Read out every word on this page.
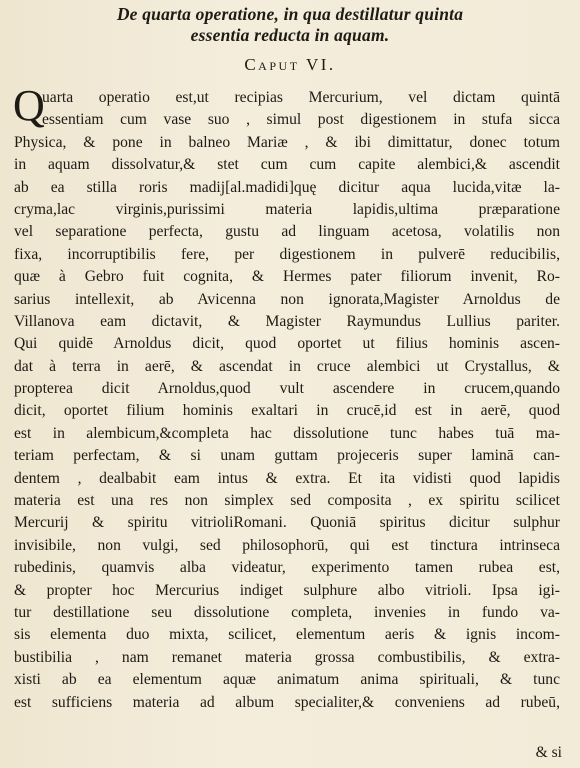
De quarta operatione, in qua destillatur quinta
essentia reducta in aquam.
Caput VI.
Q
uarta operatio est,ut recipias Mercurium, vel dictam quintā
essentiam cum vase suo , simul post digestionem in stufa sicca
Physica, & pone in balneo Mariæ , & ibi dimittatur, donec totum
in aquam dissolvatur,& stet cum cum capite alembici,& ascendit
ab ea stilla roris madij[al.madidi]quę dicitur aqua lucida,vitæ la-
cryma,lac virginis,purissimi materia lapidis,ultima præparatione
vel separatione perfecta, gustu ad linguam acetosa, volatilis non
fixa, incorruptibilis fere, per digestionem in pulverē reducibilis,
quæ à Gebro fuit cognita, & Hermes pater filiorum invenit, Ro-
sarius intellexit, ab Avicenna non ignorata,Magister Arnoldus de
Villanova eam dictavit, & Magister Raymundus Lullius pariter.
Qui quidē Arnoldus dicit, quod oportet ut filius hominis ascen-
dat à terra in aerē, & ascendat in cruce alembici ut Crystallus, &
propterea dicit Arnoldus,quod vult ascendere in crucem,quando
dicit, oportet filium hominis exaltari in crucē,id est in aerē, quod
est in alembicum,&completa hac dissolutione tunc habes tuā ma-
teriam perfectam, & si unam guttam projeceris super laminā can-
dentem , dealbabit eam intus & extra. Et ita vidisti quod lapidis
materia est una res non simplex sed composita , ex spiritu scilicet
Mercurij & spiritu vitrioliRomani. Quoniā spiritus dicitur sulphur
invisibile, non vulgi, sed philosophorū, qui est tinctura intrinseca
rubedinis, quamvis alba videatur, experimento tamen rubea est,
& propter hoc Mercurius indiget sulphure albo vitrioli. Ipsa igi-
tur destillatione seu dissolutione completa, invenies in fundo va-
sis elementa duo mixta, scilicet, elementum aeris & ignis incom-
bustibilia , nam remanet materia grossa combustibilis, & extra-
xisti ab ea elementum aquæ animatum anima spirituali, & tunc
est sufficiens materia ad album specialiter,& conveniens ad rubeū,
& si
